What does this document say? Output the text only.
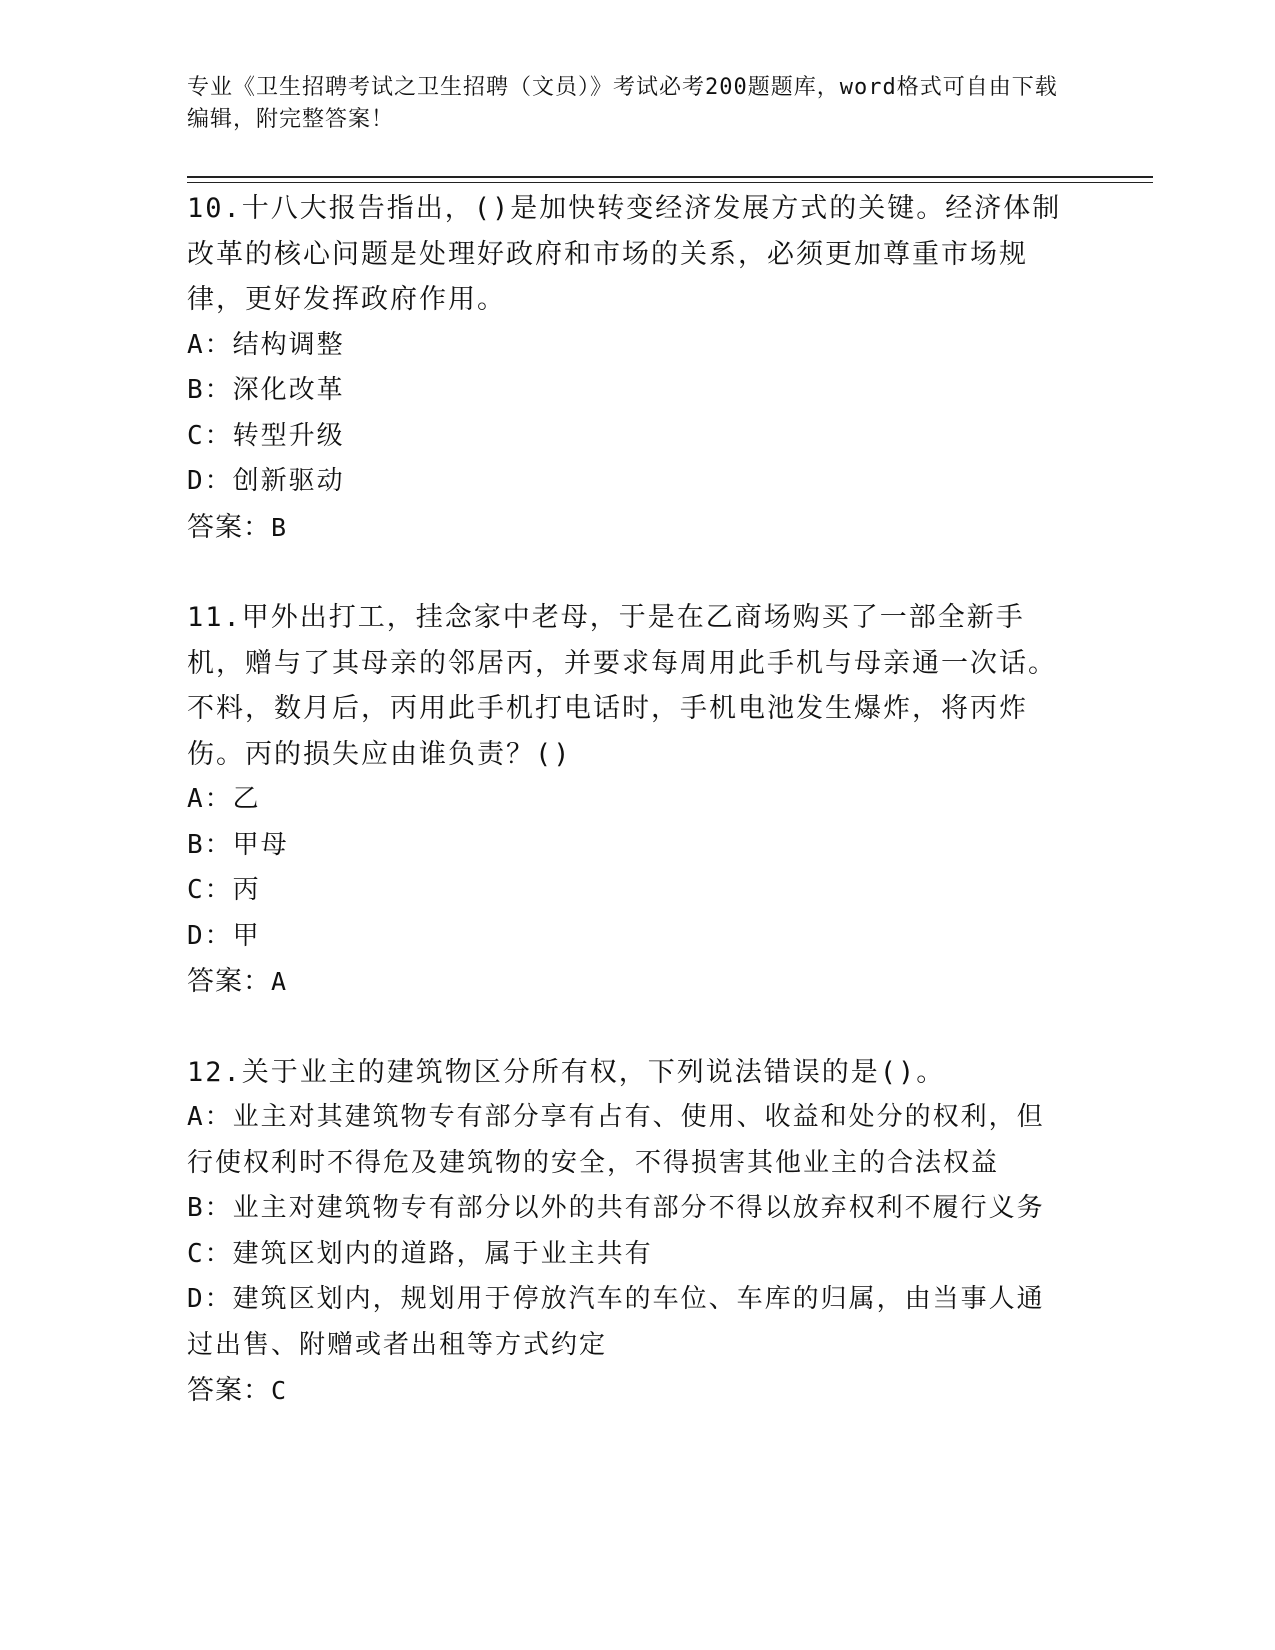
专业《卫生招聘考试之卫生招聘（文员）》考试必考200题题库，word格式可自由下载编辑，附完整答案！

10.十八大报告指出，()是加快转变经济发展方式的关键。经济体制改革的核心问题是处理好政府和市场的关系，必须更加尊重市场规律，更好发挥政府作用。

A：结构调整

B：深化改革

C：转型升级

D：创新驱动

答案：B

11.甲外出打工，挂念家中老母，于是在乙商场购买了一部全新手机，赠与了其母亲的邻居丙，并要求每周用此手机与母亲通一次话。不料，数月后，丙用此手机打电话时，手机电池发生爆炸，将丙炸伤。丙的损失应由谁负责？()

A：乙

B：甲母

C：丙

D：甲

答案：A

12.关于业主的建筑物区分所有权，下列说法错误的是()。

A：业主对其建筑物专有部分享有占有、使用、收益和处分的权利，但行使权利时不得危及建筑物的安全，不得损害其他业主的合法权益

B：业主对建筑物专有部分以外的共有部分不得以放弃权利不履行义务

C：建筑区划内的道路，属于业主共有

D：建筑区划内，规划用于停放汽车的车位、车库的归属，由当事人通过出售、附赠或者出租等方式约定

答案：C
